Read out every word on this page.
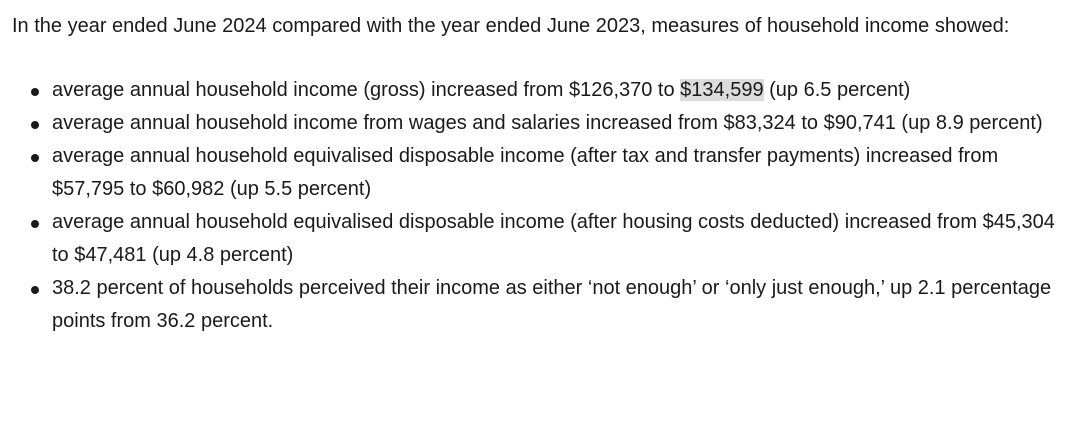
In the year ended June 2024 compared with the year ended June 2023, measures of household income showed:

average annual household income (gross) increased from $126,370 to $134,599 (up 6.5 percent)
average annual household income from wages and salaries increased from $83,324 to $90,741 (up 8.9 percent)
average annual household equivalised disposable income (after tax and transfer payments) increased from $57,795 to $60,982 (up 5.5 percent)
average annual household equivalised disposable income (after housing costs deducted) increased from $45,304 to $47,481 (up 4.8 percent)
38.2 percent of households perceived their income as either ‘not enough’ or ‘only just enough,’ up 2.1 percentage points from 36.2 percent.
